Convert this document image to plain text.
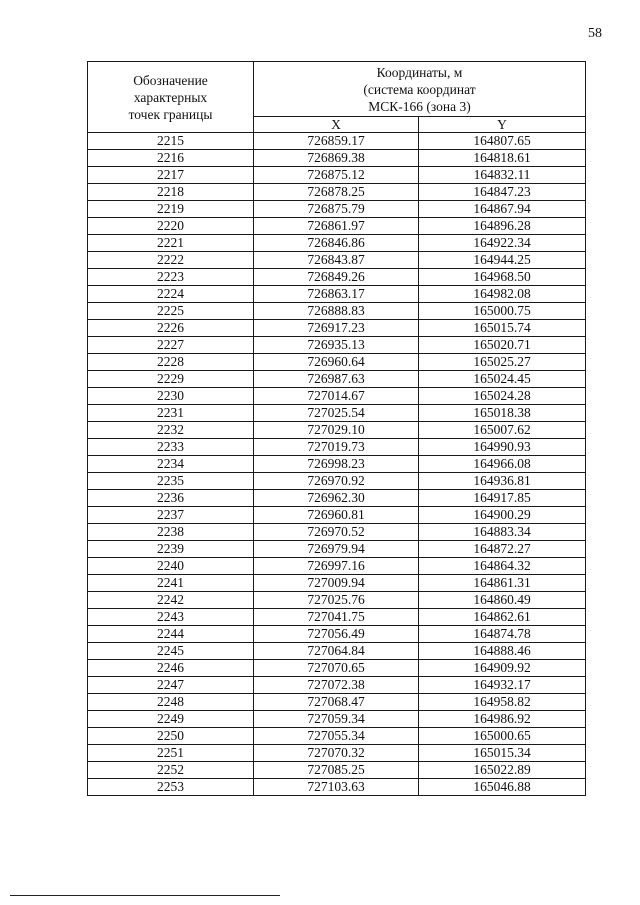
58
Обозначение
характерных
точек границы	Координаты, м
(система координат
МСК-166 (зона 3)	

	X	Y
2215	726859.17	164807.65
2216	726869.38	164818.61
2217	726875.12	164832.11
2218	726878.25	164847.23
2219	726875.79	164867.94
2220	726861.97	164896.28
2221	726846.86	164922.34
2222	726843.87	164944.25
2223	726849.26	164968.50
2224	726863.17	164982.08
2225	726888.83	165000.75
2226	726917.23	165015.74
2227	726935.13	165020.71
2228	726960.64	165025.27
2229	726987.63	165024.45
2230	727014.67	165024.28
2231	727025.54	165018.38
2232	727029.10	165007.62
2233	727019.73	164990.93
2234	726998.23	164966.08
2235	726970.92	164936.81
2236	726962.30	164917.85
2237	726960.81	164900.29
2238	726970.52	164883.34
2239	726979.94	164872.27
2240	726997.16	164864.32
2241	727009.94	164861.31
2242	727025.76	164860.49
2243	727041.75	164862.61
2244	727056.49	164874.78
2245	727064.84	164888.46
2246	727070.65	164909.92
2247	727072.38	164932.17
2248	727068.47	164958.82
2249	727059.34	164986.92
2250	727055.34	165000.65
2251	727070.32	165015.34
2252	727085.25	165022.89
2253	727103.63	165046.88
